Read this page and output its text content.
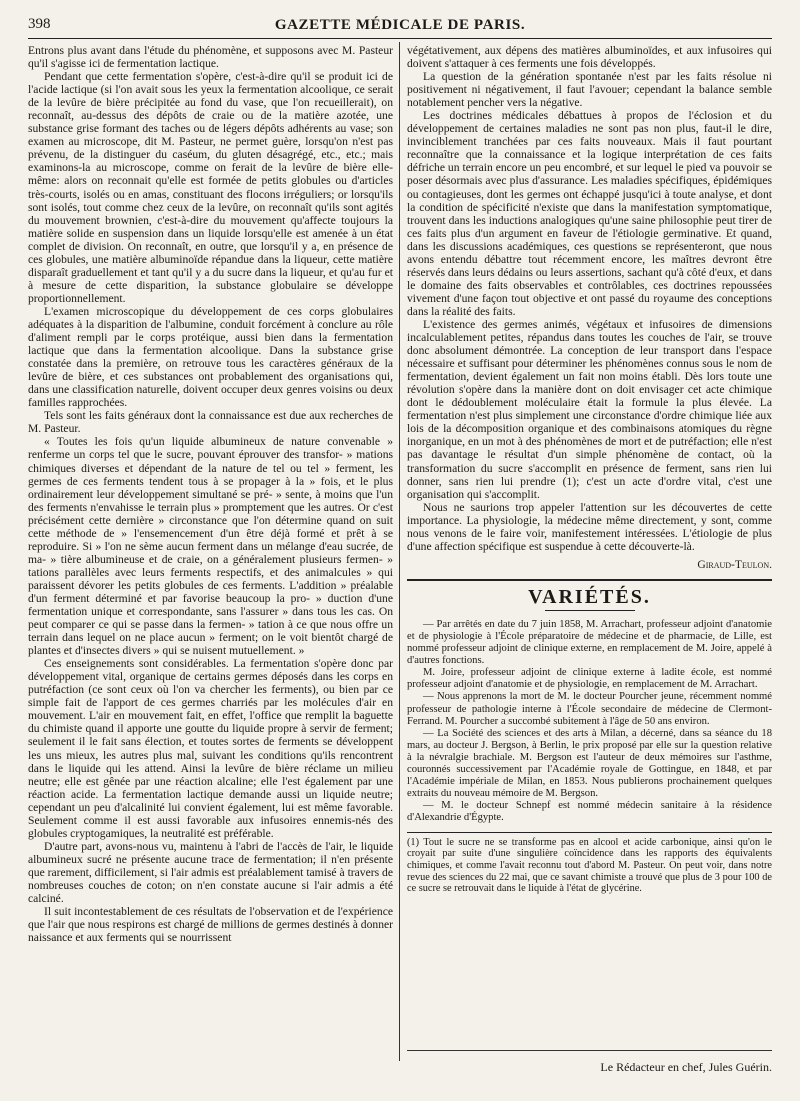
398	GAZETTE MÉDICALE DE PARIS.

Entrons plus avant dans l'étude du phénomène, et supposons avec M. Pasteur qu'il s'agisse ici de fermentation lactique.

Pendant que cette fermentation s'opère, c'est-à-dire qu'il se produit ici de l'acide lactique (si l'on avait sous les yeux la fermentation alcoolique, ce serait de la levûre de bière précipitée au fond du vase, que l'on recueillerait), on reconnaît, au-dessus des dépôts de craie ou de la matière azotée, une substance grise formant des taches ou de légers dépôts adhérents au vase; son examen au microscope, dit M. Pasteur, ne permet guère, lorsqu'on n'est pas prévenu, de la distinguer du caséum, du gluten désagrégé, etc., etc.; mais examinons-la au microscope, comme on ferait de la levûre de bière elle-même: alors on reconnait qu'elle est formée de petits globules ou d'articles très-courts, isolés ou en amas, constituant des flocons irréguliers; or lorsqu'ils sont isolés, tout comme chez ceux de la levûre, on reconnaît qu'ils sont agités du mouvement brownien, c'est-à-dire du mouvement qu'affecte toujours la matière solide en suspension dans un liquide lorsqu'elle est amenée à un état complet de division. On reconnaît, en outre, que lorsqu'il y a, en présence de ces globules, une matière albuminoïde répandue dans la liqueur, cette matière disparaît graduellement et tant qu'il y a du sucre dans la liqueur, et qu'au fur et à mesure de cette disparition, la substance globulaire se développe proportionnellement.

L'examen microscopique du développement de ces corps globulaires adéquates à la disparition de l'albumine, conduit forcément à conclure au rôle d'aliment rempli par le corps protéique, aussi bien dans la fermentation lactique que dans la fermentation alcoolique. Dans la substance grise constatée dans la première, on retrouve tous les caractères généraux de la levûre de bière, et ces substances ont probablement des organisations qui, dans une classification naturelle, doivent occuper deux genres voisins ou deux familles rapprochées.

Tels sont les faits généraux dont la connaissance est due aux recherches de M. Pasteur.

« Toutes les fois qu'un liquide albumineux de nature convenable » renferme un corps tel que le sucre, pouvant éprouver des transfor- » mations chimiques diverses et dépendant de la nature de tel ou tel » ferment, les germes de ces ferments tendent tous à se propager à la » fois, et le plus ordinairement leur développement simultané se pré- » sente, à moins que l'un des ferments n'envahisse le terrain plus » promptement que les autres. Or c'est précisément cette dernière » circonstance que l'on détermine quand on suit cette méthode de » l'ensemencement d'un être déjà formé et prêt à se reproduire. Si » l'on ne sème aucun ferment dans un mélange d'eau sucrée, de ma- » tière albumineuse et de craie, on a généralement plusieurs fermen- » tations parallèles avec leurs ferments respectifs, et des animalcules » qui paraissent dévorer les petits globules de ces ferments. L'addition » préalable d'un ferment déterminé et par favorise beaucoup la pro- » duction d'une fermentation unique et correspondante, sans l'assurer » dans tous les cas. On peut comparer ce qui se passe dans la fermen- » tation à ce que nous offre un terrain dans lequel on ne place aucun » ferment; on le voit bientôt chargé de plantes et d'insectes divers » qui se nuisent mutuellement. »

Ces enseignements sont considérables. La fermentation s'opère donc par développement vital, organique de certains germes déposés dans les corps en putréfaction (ce sont ceux où l'on va chercher les ferments), ou bien par ce simple fait de l'apport de ces germes charriés par les molécules d'air en mouvement. L'air en mouvement fait, en effet, l'office que remplit la baguette du chimiste quand il apporte une goutte du liquide propre à servir de ferment; seulement il le fait sans élection, et toutes sortes de ferments se développent les uns mieux, les autres plus mal, suivant les conditions qu'ils rencontrent dans le liquide qui les attend. Ainsi la levûre de bière réclame un milieu neutre; elle est gênée par une réaction alcaline; elle l'est également par une réaction acide. La fermentation lactique demande aussi un liquide neutre; cependant un peu d'alcalinité lui convient également, lui est même favorable. Seulement comme il est aussi favorable aux infusoires ennemis-nés des globules cryptogamiques, la neutralité est préférable.

D'autre part, avons-nous vu, maintenu à l'abri de l'accès de l'air, le liquide albumineux sucré ne présente aucune trace de fermentation; il n'en présente que rarement, difficilement, si l'air admis est préalablement tamisé à travers de nombreuses couches de coton; on n'en constate aucune si l'air admis a été calciné.

Il suit incontestablement de ces résultats de l'observation et de l'expérience que l'air que nous respirons est chargé de millions de germes destinés à donner naissance et aux ferments qui se nourrissent

végétativement, aux dépens des matières albuminoïdes, et aux infusoires qui doivent s'attaquer à ces ferments une fois développés.

La question de la génération spontanée n'est par les faits résolue ni positivement ni négativement, il faut l'avouer; cependant la balance semble notablement pencher vers la négative.

Les doctrines médicales débattues à propos de l'éclosion et du développement de certaines maladies ne sont pas non plus, faut-il le dire, invinciblement tranchées par ces faits nouveaux. Mais il faut pourtant reconnaître que la connaissance et la logique interprétation de ces faits défriche un terrain encore un peu encombré, et sur lequel le pied va pouvoir se poser désormais avec plus d'assurance. Les maladies spécifiques, épidémiques ou contagieuses, dont les germes ont échappé jusqu'ici à toute analyse, et dont la condition de spécificité n'existe que dans la manifestation symptomatique, trouvent dans les inductions analogiques qu'une saine philosophie peut tirer de ces faits plus d'un argument en faveur de l'étiologie germinative. Et quand, dans les discussions académiques, ces questions se représenteront, que nous avons entendu débattre tout récemment encore, les maîtres devront être réservés dans leurs dédains ou leurs assertions, sachant qu'à côté d'eux, et dans le domaine des faits observables et contrôlables, ces doctrines repoussées vivement d'une façon tout objective et ont passé du royaume des conceptions dans la réalité des faits.

L'existence des germes animés, végétaux et infusoires de dimensions incalculablement petites, répandus dans toutes les couches de l'air, se trouve donc absolument démontrée. La conception de leur transport dans l'espace nécessaire et suffisant pour déterminer les phénomènes connus sous le nom de fermentation, devient également un fait non moins établi. Dès lors toute une révolution s'opère dans la manière dont on doit envisager cet acte chimique dont le dédoublement moléculaire était la formule la plus élevée. La fermentation n'est plus simplement une circonstance d'ordre chimique liée aux lois de la décomposition organique et des combinaisons atomiques du règne inorganique, en un mot à des phénomènes de mort et de putréfaction; elle n'est pas davantage le résultat d'un simple phénomène de contact, où la transformation du sucre s'accomplit en présence de ferment, sans rien lui donner, sans rien lui prendre (1); c'est un acte d'ordre vital, c'est une organisation qui s'accomplit.

Nous ne saurions trop appeler l'attention sur les découvertes de cette importance. La physiologie, la médecine même directement, y sont, comme nous venons de le faire voir, manifestement intéressées. L'étiologie de plus d'une affection spécifique est suspendue à cette découverte-là.

Giraud-Teulon.
VARIÉTÉS.

— Par arrêtés en date du 7 juin 1858, M. Arrachart, professeur adjoint d'anatomie et de physiologie à l'École préparatoire de médecine et de pharmacie, de Lille, est nommé professeur adjoint de clinique externe, en remplacement de M. Joire, appelé à d'autres fonctions.

M. Joire, professeur adjoint de clinique externe à ladite école, est nommé professeur adjoint d'anatomie et de physiologie, en remplacement de M. Arrachart.

— Nous apprenons la mort de M. le docteur Pourcher jeune, récemment nommé professeur de pathologie interne à l'École secondaire de médecine de Clermont-Ferrand. M. Pourcher a succombé subitement à l'âge de 50 ans environ.

— La Société des sciences et des arts à Milan, a décerné, dans sa séance du 18 mars, au docteur J. Bergson, à Berlin, le prix proposé par elle sur la question relative à la névralgie brachiale. M. Bergson est l'auteur de deux mémoires sur l'asthme, couronnés successivement par l'Académie royale de Gottingue, en 1848, et par l'Académie impériale de Milan, en 1853. Nous publierons prochainement quelques extraits du nouveau mémoire de M. Bergson.

— M. le docteur Schnepf est nommé médecin sanitaire à la résidence d'Alexandrie d'Égypte.

(1) Tout le sucre ne se transforme pas en alcool et acide carbonique, ainsi qu'on le croyait par suite d'une singulière coïncidence dans les rapports des équivalents chimiques, et comme l'avait reconnu tout d'abord M. Pasteur. On peut voir, dans notre revue des sciences du 22 mai, que ce savant chimiste a trouvé que plus de 3 pour 100 de ce sucre se retrouvait dans le liquide à l'état de glycérine.
Le Rédacteur en chef, Jules Guérin.
